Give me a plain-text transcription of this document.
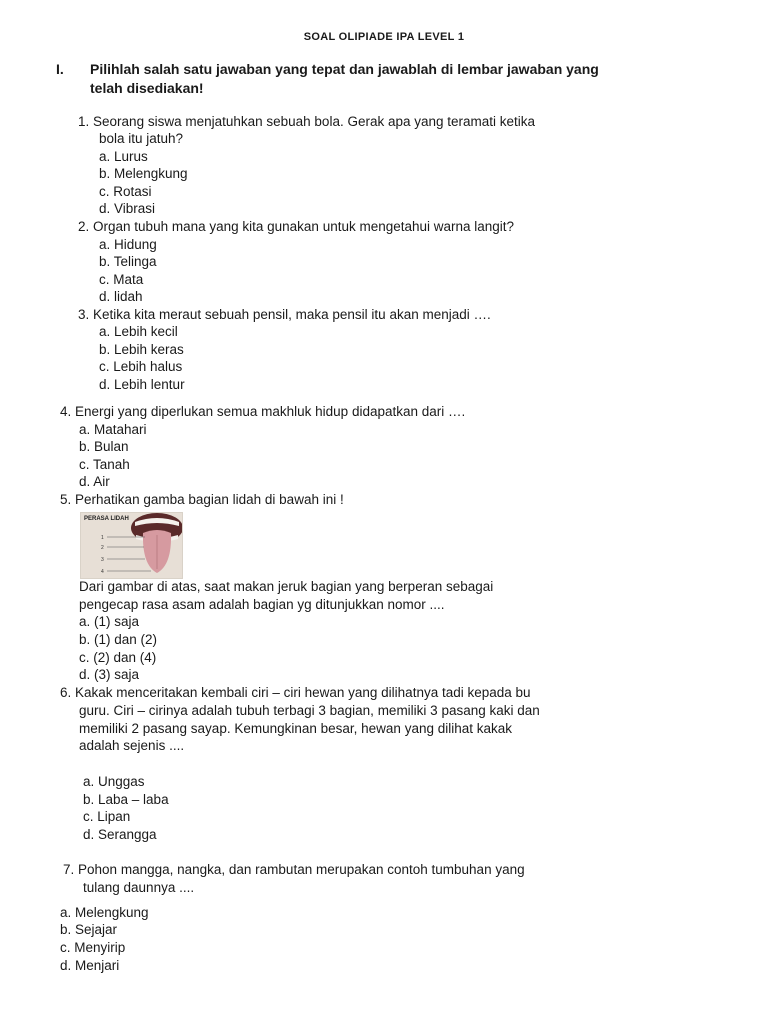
SOAL OLIPIADE IPA LEVEL 1
I. Pilihlah salah satu jawaban yang tepat dan jawablah di lembar jawaban yang telah disediakan!
1. Seorang siswa menjatuhkan sebuah bola. Gerak apa yang teramati ketika
bola itu jatuh?
a. Lurus
b. Melengkung
c. Rotasi
d. Vibrasi
2. Organ tubuh mana yang kita gunakan untuk mengetahui warna langit?
a. Hidung
b. Telinga
c. Mata
d. lidah
3. Ketika kita meraut sebuah pensil, maka pensil itu akan menjadi ….
a. Lebih kecil
b. Lebih keras
c. Lebih halus
d. Lebih lentur
4. Energi yang diperlukan semua makhluk hidup didapatkan dari ….
a. Matahari
b. Bulan
c. Tanah
d. Air
5. Perhatikan gamba bagian lidah di bawah ini !
PERASA LIDAH
1
2
3
4
Dari gambar di atas, saat makan jeruk bagian yang berperan sebagai
pengecap rasa asam adalah bagian yg ditunjukkan nomor ....
a. (1) saja
b. (1) dan (2)
c. (2) dan (4)
d. (3) saja
6. Kakak menceritakan kembali ciri – ciri hewan yang dilihatnya tadi kepada bu
guru. Ciri – cirinya adalah tubuh terbagi 3 bagian, memiliki 3 pasang kaki dan
memiliki 2 pasang sayap. Kemungkinan besar, hewan yang dilihat kakak
adalah sejenis ....
a. Unggas
b. Laba – laba
c. Lipan
d. Serangga
7. Pohon mangga, nangka, dan rambutan merupakan contoh tumbuhan yang
tulang daunnya ....
a. Melengkung
b. Sejajar
c. Menyirip
d. Menjari
